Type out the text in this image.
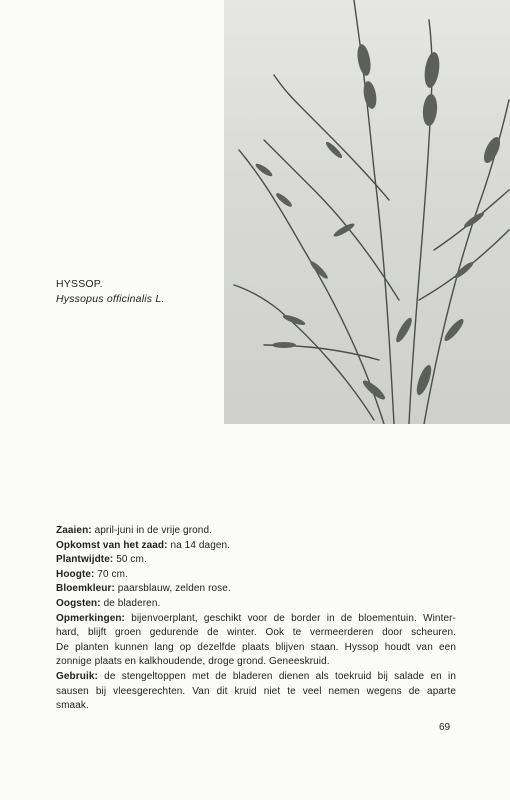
HYSSOP.
Hyssopus officinalis L.

Zaaien: april-juni in de vrije grond.

Opkomst van het zaad: na 14 dagen.

Plantwijdte: 50 cm.

Hoogte: 70 cm.

Bloemkleur: paarsblauw, zelden rose.

Oogsten: de bladeren.

Opmerkingen: bijenvoerplant, geschikt voor de border in de bloementuin. Winter-

hard, blijft groen gedurende de winter. Ook te vermeerderen door scheuren.

De planten kunnen lang op dezelfde plaats blijven staan. Hyssop houdt van een

zonnige plaats en kalkhoudende, droge grond. Geneeskruid.

Gebruik: de stengeltoppen met de bladeren dienen als toekruid bij salade en in

sausen bij vleesgerechten. Van dit kruid niet te veel nemen wegens de aparte

smaak.

69
